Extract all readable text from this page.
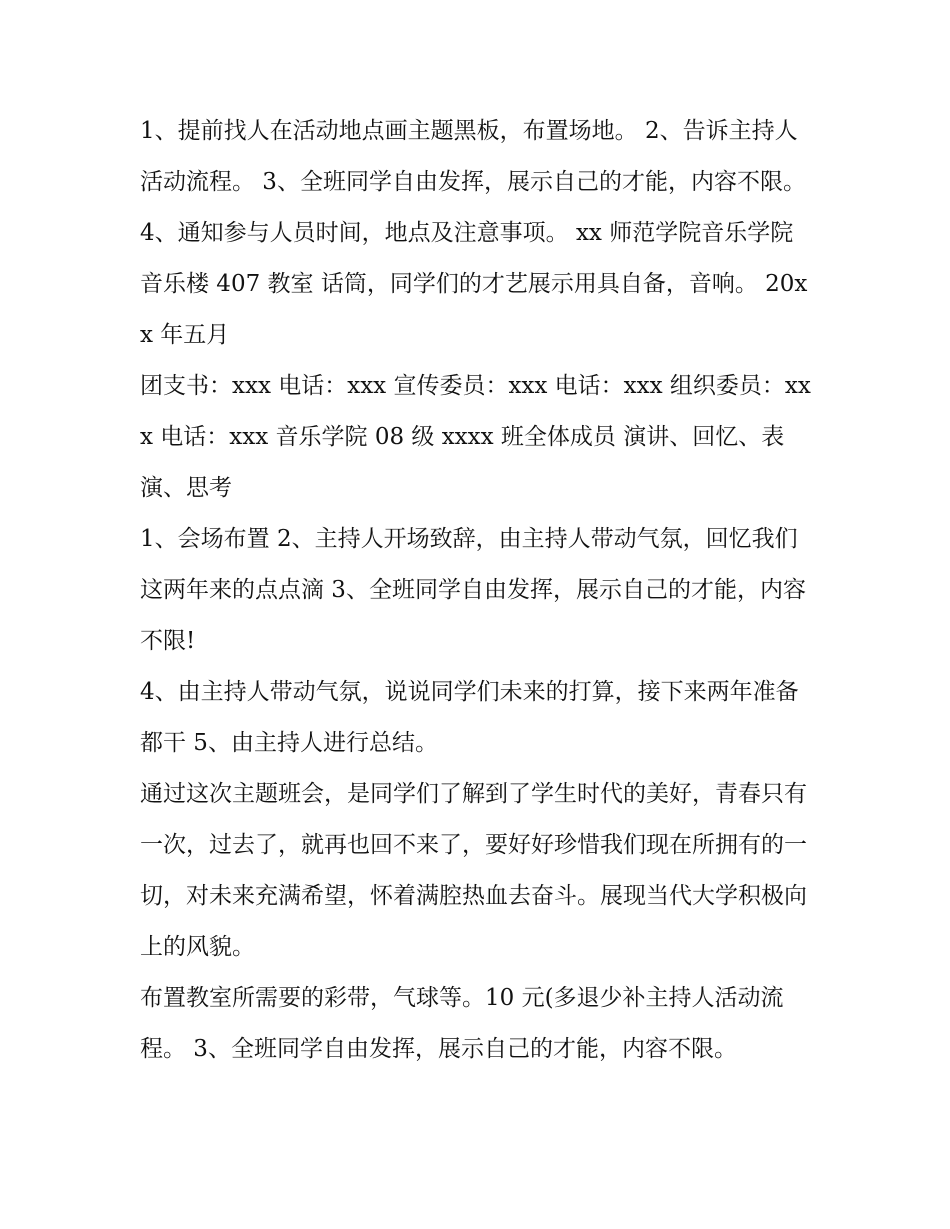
1、提前找人在活动地点画主题黑板，布置场地。 2、告诉主持人活动流程。 3、全班同学自由发挥，展示自己的才能，内容不限。

4、通知参与人员时间，地点及注意事项。 xx 师范学院音乐学院音乐楼 407 教室 话筒，同学们的才艺展示用具自备，音响。 20xx 年五月

团支书：xxx 电话：xxx 宣传委员：xxx 电话：xxx 组织委员：xxx 电话：xxx 音乐学院 08 级 xxxx 班全体成员 演讲、回忆、表演、思考

1、会场布置 2、主持人开场致辞，由主持人带动气氛，回忆我们这两年来的点点滴 3、全班同学自由发挥，展示自己的才能，内容不限!

4、由主持人带动气氛，说说同学们未来的打算，接下来两年准备都干 5、由主持人进行总结。

通过这次主题班会，是同学们了解到了学生时代的美好，青春只有一次，过去了，就再也回不来了，要好好珍惜我们现在所拥有的一切，对未来充满希望，怀着满腔热血去奋斗。展现当代大学积极向上的风貌。

布置教室所需要的彩带，气球等。10 元(多退少补主持人活动流程。 3、全班同学自由发挥，展示自己的才能，内容不限。
